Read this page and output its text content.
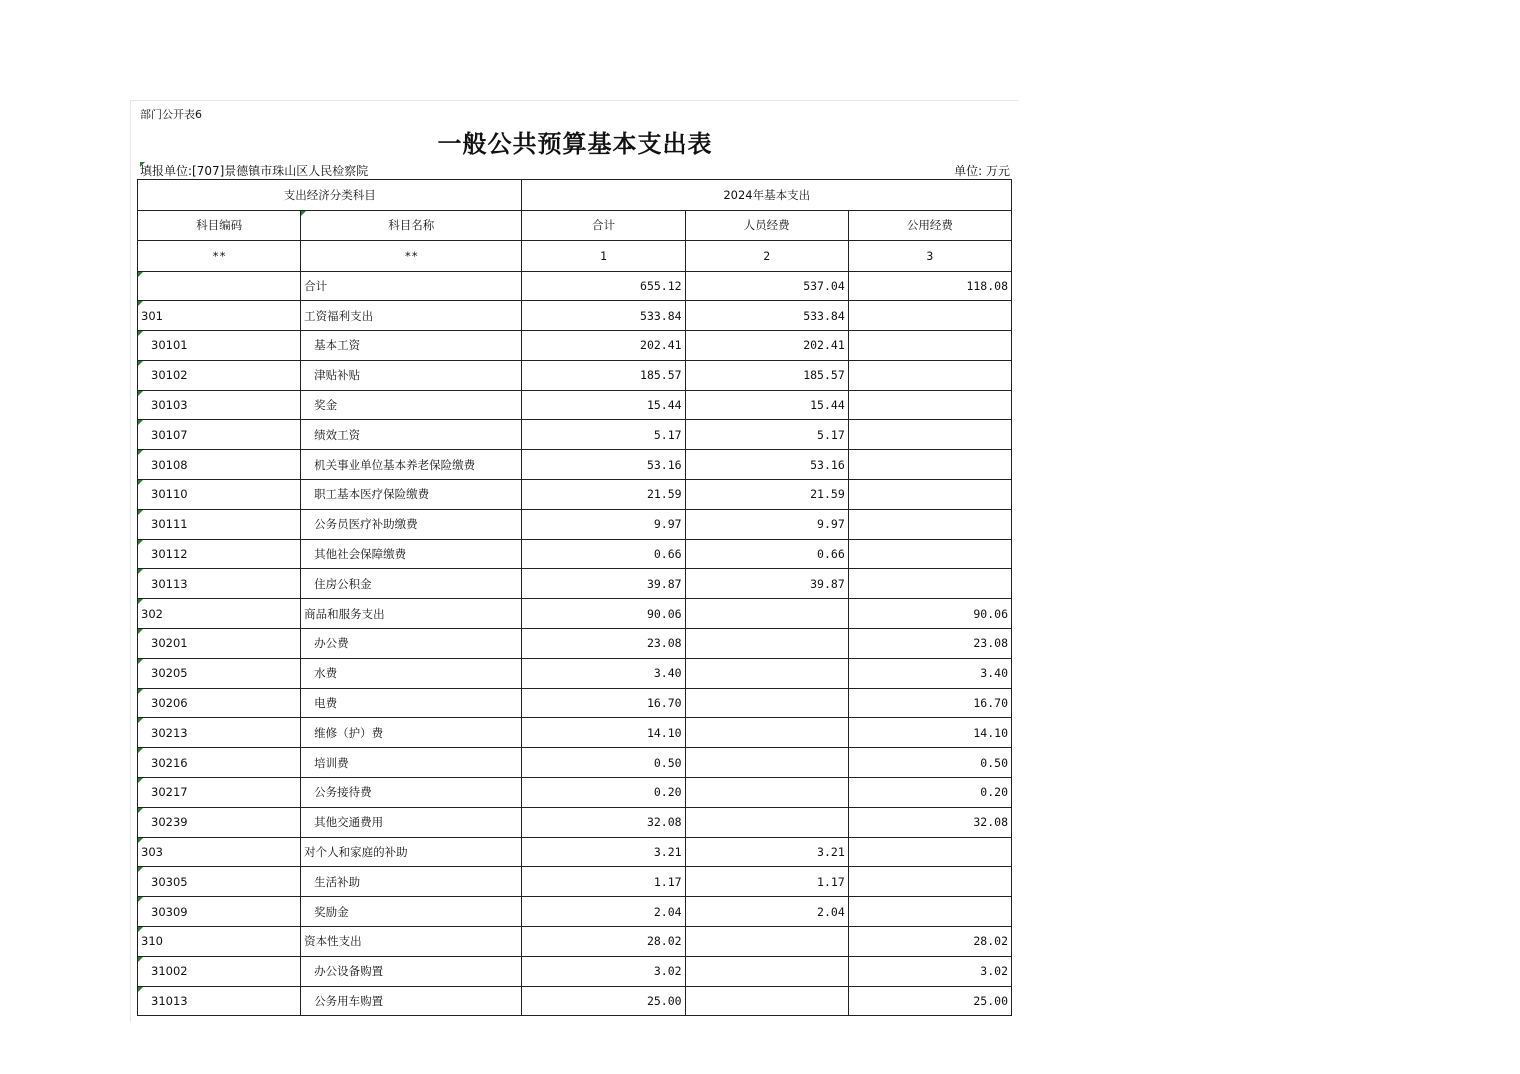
部门公开表6
一般公共预算基本支出表
填报单位:[707]景德镇市珠山区人民检察院	单位: 万元
支出经济分类科目		2024年基本支出		
科目编码	科目名称	合计	人员经费	公用经费
**	**	1	2	3
	合计	655.12	537.04	118.08
301	工资福利支出	533.84	533.84	
30101	基本工资	202.41	202.41	
30102	津贴补贴	185.57	185.57	
30103	奖金	15.44	15.44	
30107	绩效工资	5.17	5.17	
30108	机关事业单位基本养老保险缴费	53.16	53.16	
30110	职工基本医疗保险缴费	21.59	21.59	
30111	公务员医疗补助缴费	9.97	9.97	
30112	其他社会保障缴费	0.66	0.66	
30113	住房公积金	39.87	39.87	
302	商品和服务支出	90.06		90.06
30201	办公费	23.08		23.08
30205	水费	3.40		3.40
30206	电费	16.70		16.70
30213	维修（护）费	14.10		14.10
30216	培训费	0.50		0.50
30217	公务接待费	0.20		0.20
30239	其他交通费用	32.08		32.08
303	对个人和家庭的补助	3.21	3.21	
30305	生活补助	1.17	1.17	
30309	奖励金	2.04	2.04	
310	资本性支出	28.02		28.02
31002	办公设备购置	3.02		3.02
31013	公务用车购置	25.00		25.00
